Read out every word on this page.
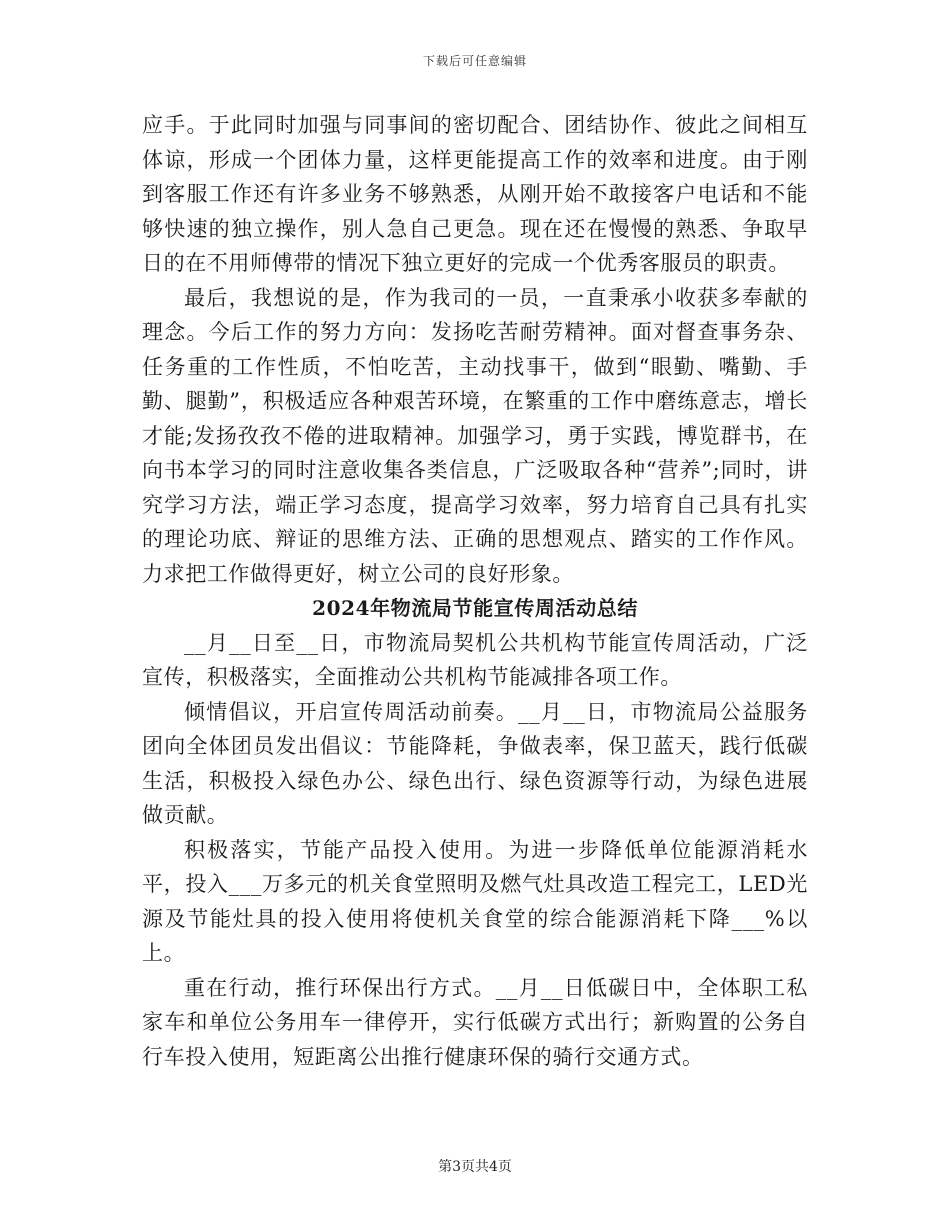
下载后可任意编辑

应手。于此同时加强与同事间的密切配合、团结协作、彼此之间相互体谅，形成一个团体力量，这样更能提高工作的效率和进度。由于刚到客服工作还有许多业务不够熟悉，从刚开始不敢接客户电话和不能够快速的独立操作，别人急自己更急。现在还在慢慢的熟悉、争取早日的在不用师傅带的情况下独立更好的完成一个优秀客服员的职责。

最后，我想说的是，作为我司的一员，一直秉承小收获多奉献的理念。今后工作的努力方向：发扬吃苦耐劳精神。面对督查事务杂、任务重的工作性质，不怕吃苦，主动找事干，做到“眼勤、嘴勤、手勤、腿勤”，积极适应各种艰苦环境，在繁重的工作中磨练意志，增长才能;发扬孜孜不倦的进取精神。加强学习，勇于实践，博览群书，在向书本学习的同时注意收集各类信息，广泛吸取各种“营养”;同时，讲究学习方法，端正学习态度，提高学习效率，努力培育自己具有扎实的理论功底、辩证的思维方法、正确的思想观点、踏实的工作作风。力求把工作做得更好，树立公司的良好形象。

2024年物流局节能宣传周活动总结

__月__日至__日，市物流局契机公共机构节能宣传周活动，广泛宣传，积极落实，全面推动公共机构节能减排各项工作。

倾情倡议，开启宣传周活动前奏。__月__日，市物流局公益服务团向全体团员发出倡议：节能降耗，争做表率，保卫蓝天，践行低碳生活，积极投入绿色办公、绿色出行、绿色资源等行动，为绿色进展做贡献。

积极落实，节能产品投入使用。为进一步降低单位能源消耗水平，投入___万多元的机关食堂照明及燃气灶具改造工程完工，LED光源及节能灶具的投入使用将使机关食堂的综合能源消耗下降___%以上。

重在行动，推行环保出行方式。__月__日低碳日中，全体职工私家车和单位公务用车一律停开，实行低碳方式出行；新购置的公务自行车投入使用，短距离公出推行健康环保的骑行交通方式。

第3页共4页
